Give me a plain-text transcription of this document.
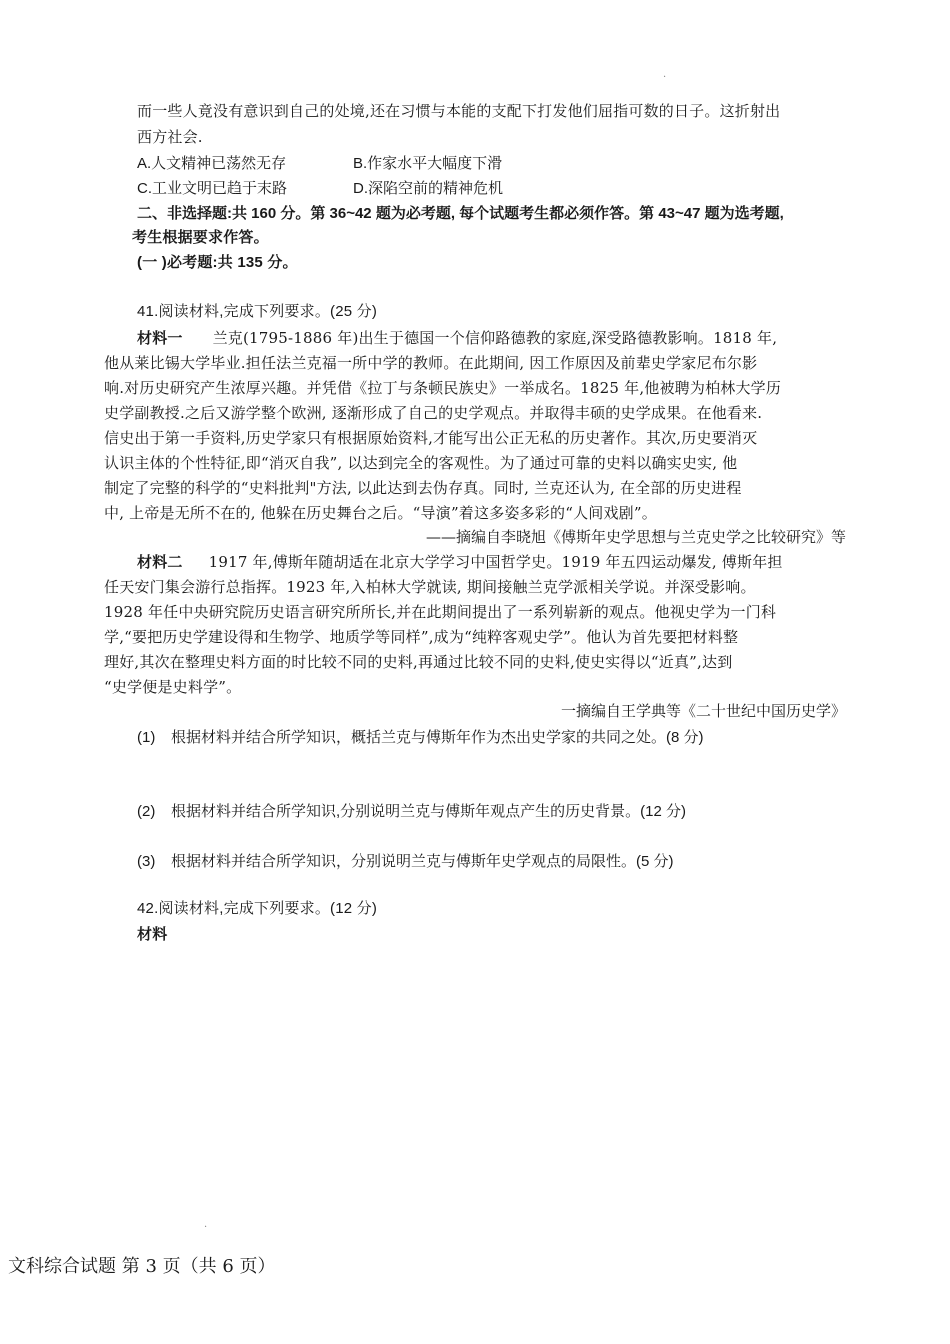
·
而一些人竟没有意识到自己的处境,还在习惯与本能的支配下打发他们屈指可数的日子。这折射出
西方社会.
A.人文精神已荡然无存	B.作家水平大幅度下滑
C.工业文明已趋于末路	D.深陷空前的精神危机
二、非选择题:共 160 分。第 36~42 题为必考题, 每个试题考生都必须作答。第 43~47 题为选考题,
考生根据要求作答。
(一 )必考题:共 135 分。
41.阅读材料,完成下列要求。(25 分)
材料一 兰克(1795-1886 年)出生于德国一个信仰路德教的家庭,深受路德教影响。1818 年,
他从莱比锡大学毕业.担任法兰克福一所中学的教师。在此期间, 因工作原因及前辈史学家尼布尔影
响.对历史研究产生浓厚兴趣。并凭借《拉丁与条顿民族史》一举成名。1825 年,他被聘为柏林大学历
史学副教授.之后又游学整个欧洲, 逐渐形成了自己的史学观点。并取得丰硕的史学成果。在他看来.
信史出于第一手资料,历史学家只有根据原始资料,才能写出公正无私的历史著作。其次,历史要消灭
认识主体的个性特征,即“消灭自我”, 以达到完全的客观性。为了通过可靠的史料以确实史实, 他
制定了完整的科学的“史料批判"方法, 以此达到去伪存真。同时, 兰克还认为, 在全部的历史进程
中, 上帝是无所不在的, 他躲在历史舞台之后。“导演”着这多姿多彩的“人间戏剧”。
——摘编自李晓旭《傅斯年史学思想与兰克史学之比较研究》等
材料二 1917 年,傅斯年随胡适在北京大学学习中国哲学史。1919 年五四运动爆发, 傅斯年担
任天安门集会游行总指挥。1923 年,入柏林大学就读, 期间接触兰克学派相关学说。并深受影响。
1928 年任中央研究院历史语言研究所所长,并在此期间提出了一系列崭新的观点。他视史学为一门科
学,“要把历史学建设得和生物学、地质学等同样”,成为“纯粹客观史学”。他认为首先要把材料整
理好,其次在整理史料方面的时比较不同的史料,再通过比较不同的史料,使史实得以“近真”,达到
“史学便是史料学”。
一摘编自王学典等《二十世纪中国历史学》
(1) 根据材料并结合所学知识，概括兰克与傅斯年作为杰出史学家的共同之处。(8 分)
(2) 根据材料并结合所学知识,分别说明兰克与傅斯年观点产生的历史背景。(12 分)
(3) 根据材料并结合所学知识，分别说明兰克与傅斯年史学观点的局限性。(5 分)
42.阅读材料,完成下列要求。(12 分)
材料
·
文科综合试题 第 3 页（共 6 页）
